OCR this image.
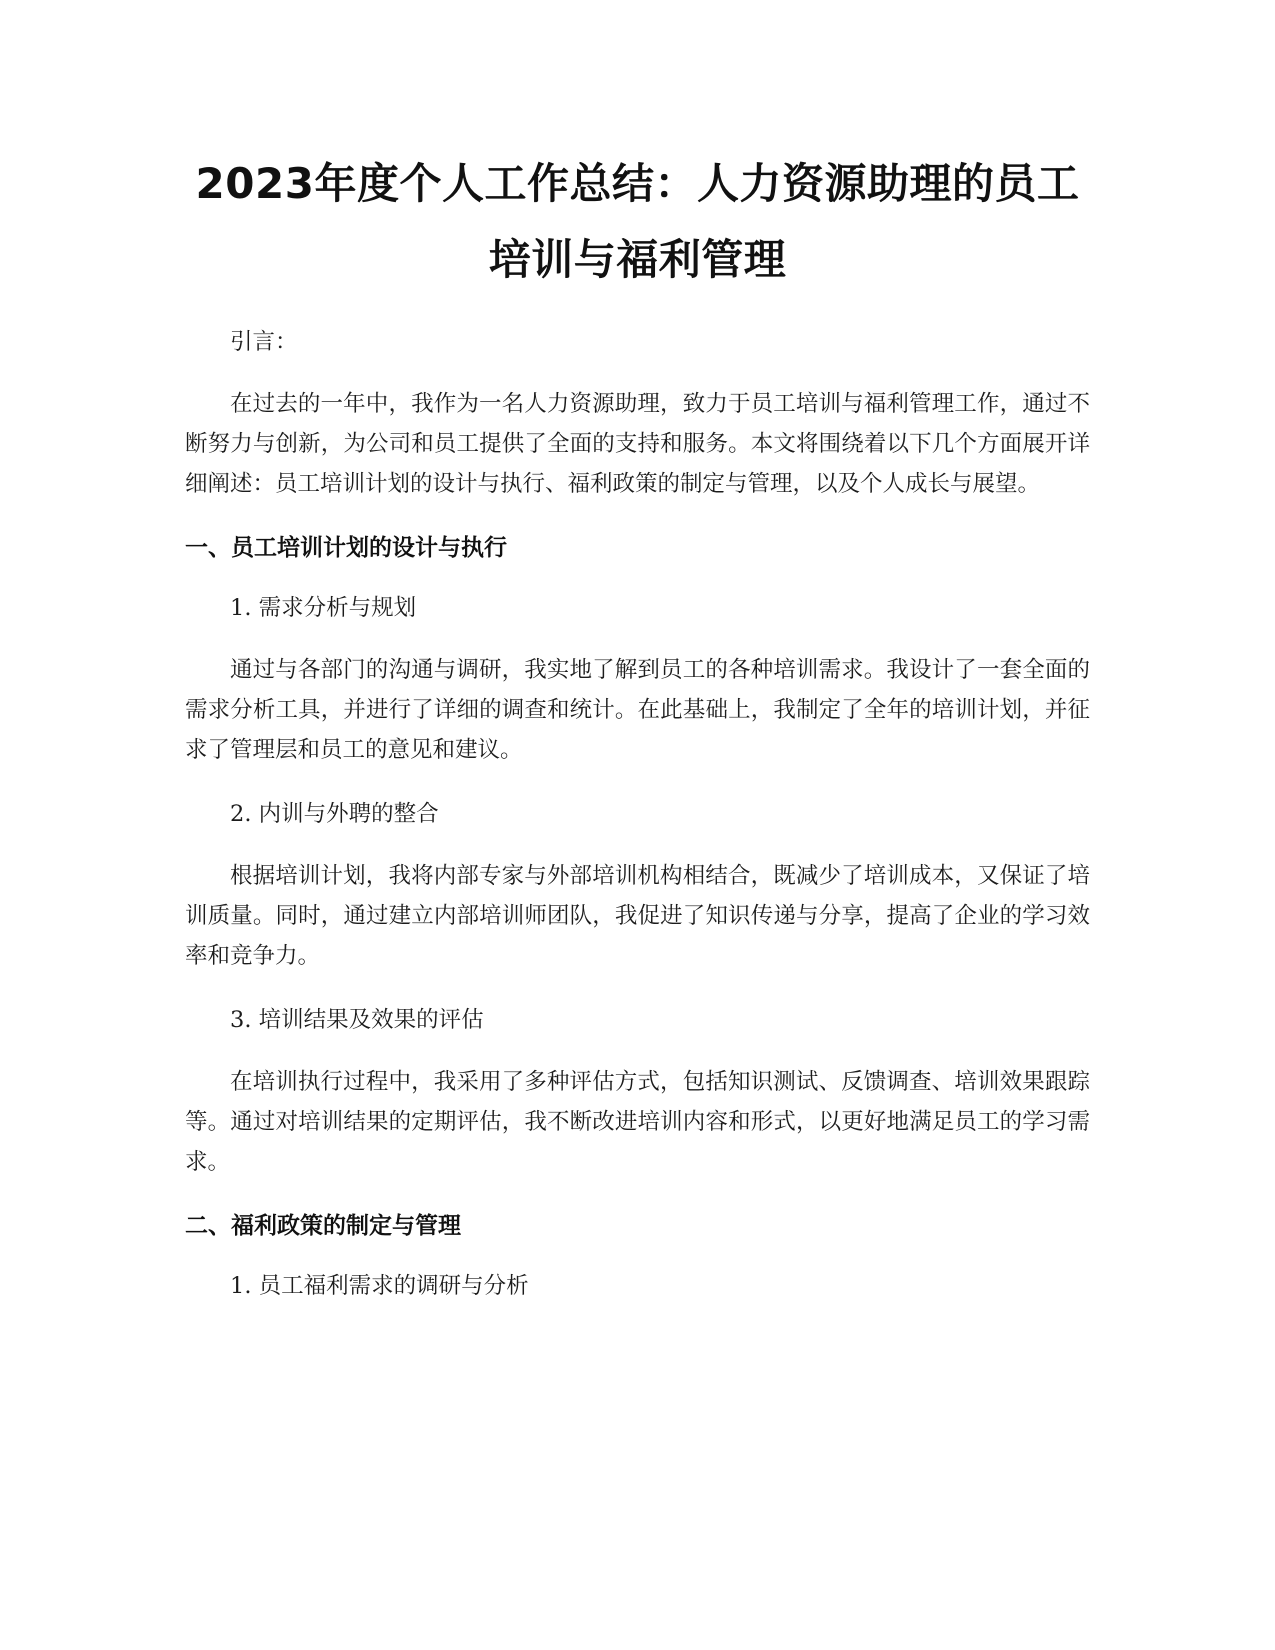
2023年度个人工作总结：人力资源助理的员工培训与福利管理

引言：

在过去的一年中，我作为一名人力资源助理，致力于员工培训与福利管理工作，通过不断努力与创新，为公司和员工提供了全面的支持和服务。本文将围绕着以下几个方面展开详细阐述：员工培训计划的设计与执行、福利政策的制定与管理，以及个人成长与展望。

一、员工培训计划的设计与执行

1. 需求分析与规划

通过与各部门的沟通与调研，我实地了解到员工的各种培训需求。我设计了一套全面的需求分析工具，并进行了详细的调查和统计。在此基础上，我制定了全年的培训计划，并征求了管理层和员工的意见和建议。

2. 内训与外聘的整合

根据培训计划，我将内部专家与外部培训机构相结合，既减少了培训成本，又保证了培训质量。同时，通过建立内部培训师团队，我促进了知识传递与分享，提高了企业的学习效率和竞争力。

3. 培训结果及效果的评估

在培训执行过程中，我采用了多种评估方式，包括知识测试、反馈调查、培训效果跟踪等。通过对培训结果的定期评估，我不断改进培训内容和形式，以更好地满足员工的学习需求。

二、福利政策的制定与管理

1. 员工福利需求的调研与分析
